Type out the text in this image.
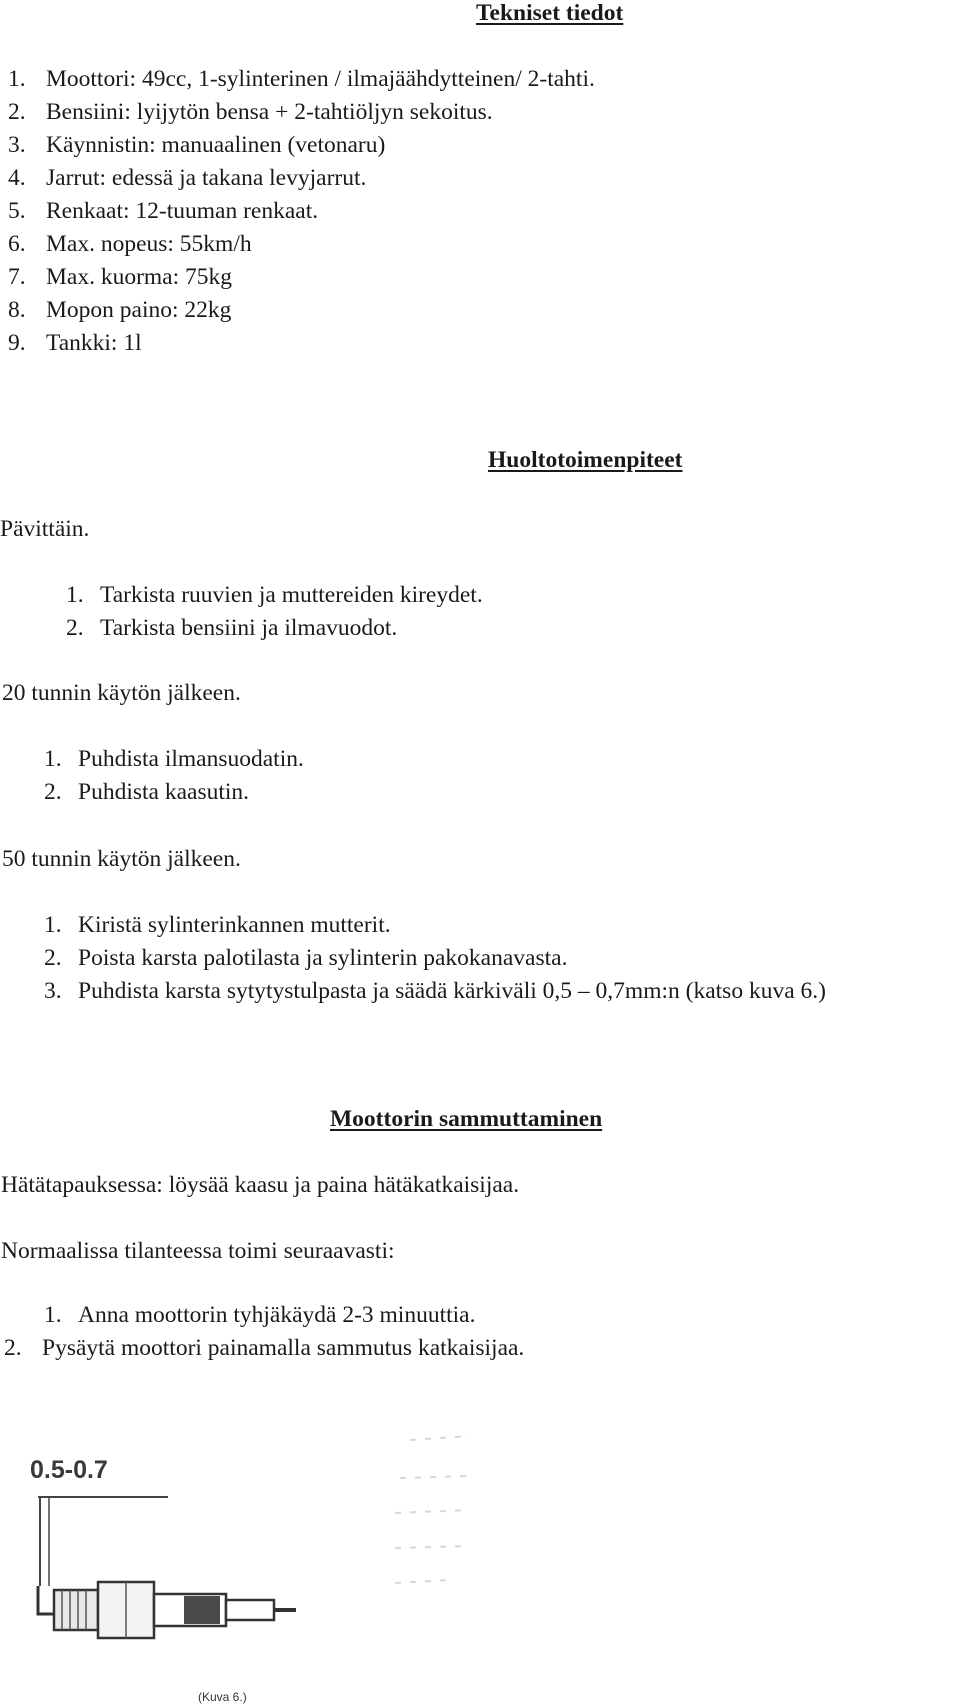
Tekniset tiedot
1. Moottori: 49cc, 1-sylinterinen / ilmajäähdytteinen/ 2-tahti.
2. Bensiini: lyijytön bensa + 2-tahtiöljyn sekoitus.
3. Käynnistin: manuaalinen (vetonaru)
4. Jarrut: edessä ja takana levyjarrut.
5. Renkaat: 12-tuuman renkaat.
6. Max. nopeus: 55km/h
7. Max. kuorma: 75kg
8. Mopon paino: 22kg
9. Tankki: 1l
Huoltotoimenpiteet
Pävittäin.
1. Tarkista ruuvien ja muttereiden kireydet.
2. Tarkista bensiini ja ilmavuodot.
20 tunnin käytön jälkeen.
1. Puhdista ilmansuodatin.
2. Puhdista kaasutin.
50 tunnin käytön jälkeen.
1. Kiristä sylinterinkannen mutterit.
2. Poista karsta palotilasta ja sylinterin pakokanavasta.
3. Puhdista karsta sytytystulpasta ja säädä kärkiväli 0,5 – 0,7mm:n (katso kuva 6.)
Moottorin sammuttaminen
Hätätapauksessa: löysää kaasu ja paina hätäkatkaisijaa.
Normaalissa tilanteessa toimi seuraavasti:
1. Anna moottorin tyhjäkäydä 2-3 minuuttia.
2. Pysäytä moottori painamalla sammutus katkaisijaa.
0.5-0.7
(Kuva 6.)
